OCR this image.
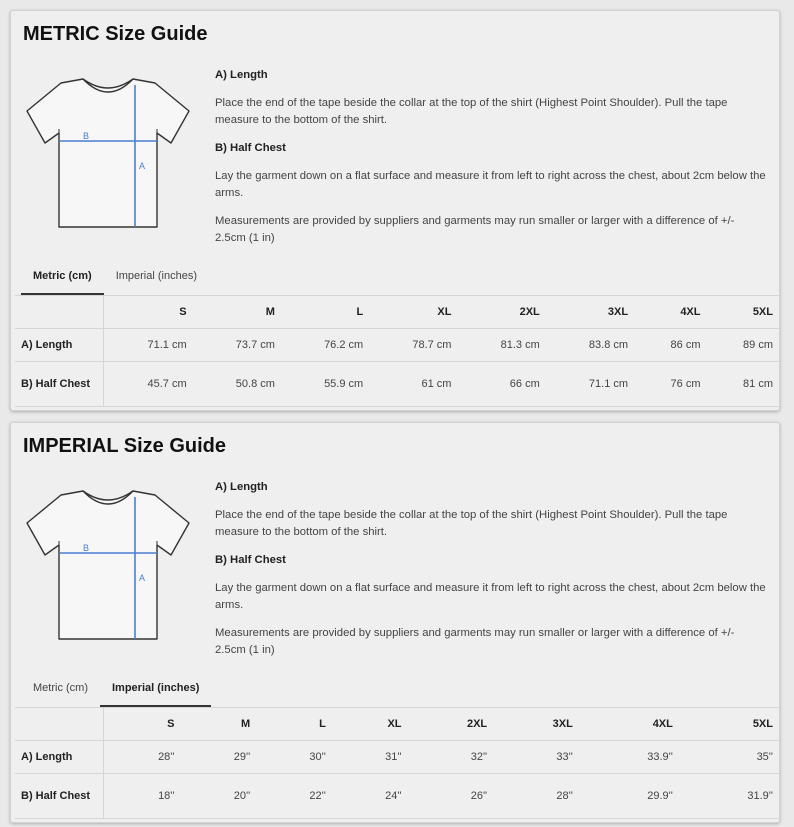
METRIC Size Guide
B
A
A) Length

Place the end of the tape beside the collar at the top of the shirt (Highest Point Shoulder). Pull the tape measure to the bottom of the shirt.

B) Half Chest

Lay the garment down on a flat surface and measure it from left to right across the chest, about 2cm below the arms.

Measurements are provided by suppliers and garments may run smaller or larger with a difference of +/- 2.5cm (1 in)

Metric (cm)	Imperial (inches)
	S	M	L	XL	2XL	3XL	4XL	5XL
A) Length	71.1 cm	73.7 cm	76.2 cm	78.7 cm	81.3 cm	83.8 cm	86 cm	89 cm
B) Half Chest	45.7 cm	50.8 cm	55.9 cm	61 cm	66 cm	71.1 cm	76 cm	81 cm
IMPERIAL Size Guide
B
A
A) Length

Place the end of the tape beside the collar at the top of the shirt (Highest Point Shoulder). Pull the tape measure to the bottom of the shirt.

B) Half Chest

Lay the garment down on a flat surface and measure it from left to right across the chest, about 2cm below the arms.

Measurements are provided by suppliers and garments may run smaller or larger with a difference of +/- 2.5cm (1 in)

Metric (cm)	Imperial (inches)
	S	M	L	XL	2XL	3XL	4XL	5XL
A) Length	28''	29''	30''	31''	32''	33''	33.9''	35''
B) Half Chest	18''	20''	22''	24''	26''	28''	29.9''	31.9''
